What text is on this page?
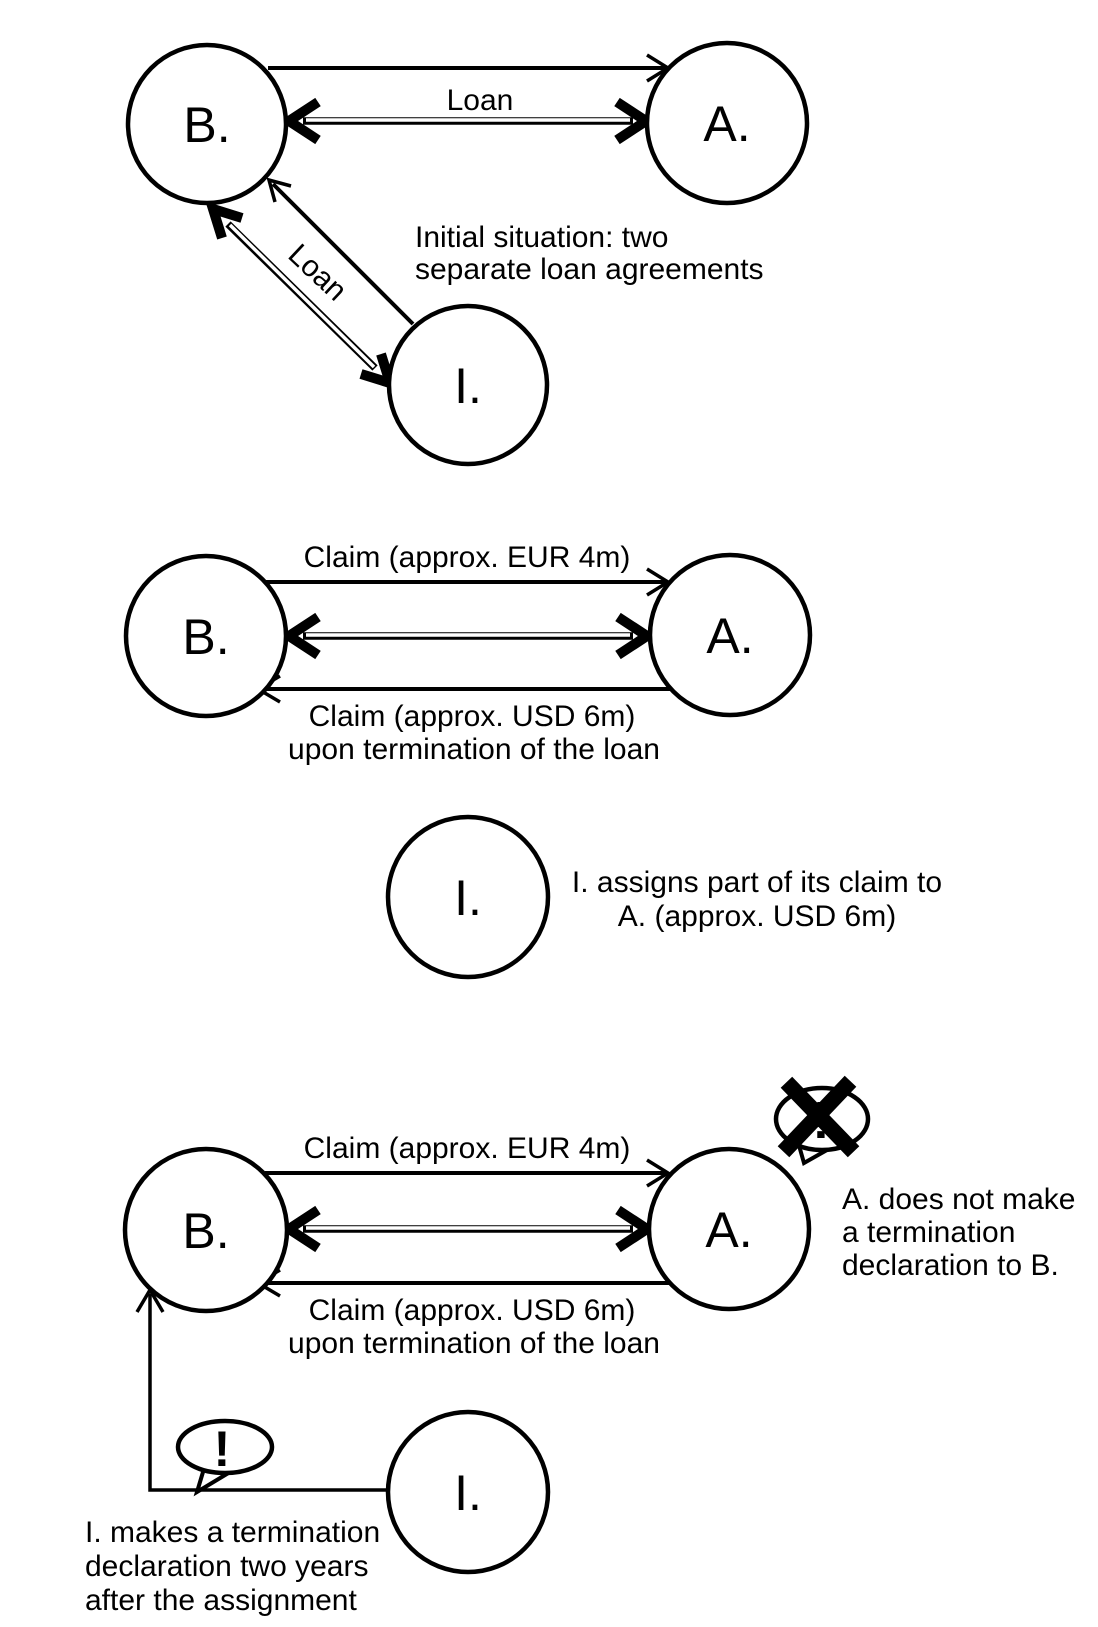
B.	A.
I.
B.	A.
I.
B.	A.
I.
!
!
Loan
Loan
Initial situation: two
separate loan agreements
Claim (approx. EUR 4m)
Claim (approx. USD 6m)
upon termination of the loan
I. assigns part of its claim to
A. (approx. USD 6m)
Claim (approx. EUR 4m)
Claim (approx. USD 6m)
upon termination of the loan
A. does not make
a termination
declaration to B.
I. makes a termination
declaration two years
after the assignment
